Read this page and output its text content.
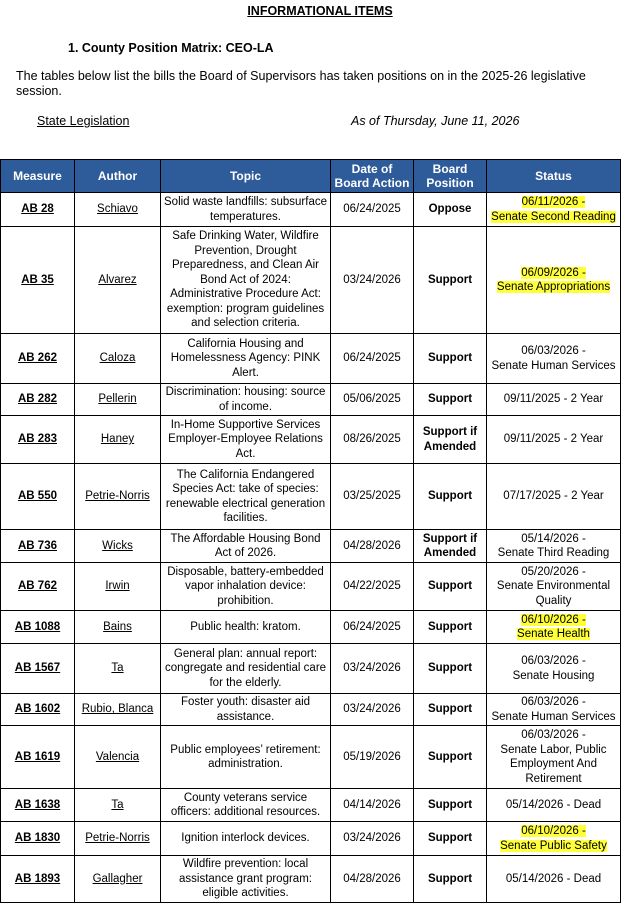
INFORMATIONAL ITEMS
1. County Position Matrix: CEO-LA
The tables below list the bills the Board of Supervisors has taken positions on in the 2025-26 legislative session.
State Legislation	As of Thursday, June 11, 2026
Measure	Author	Topic	Date of Board Action	Board Position	Status
AB 28	Schiavo	Solid waste landfills: subsurface temperatures.	06/24/2025	Oppose	06/11/2026 -
Senate Second Reading

AB 35	Alvarez	Safe Drinking Water, Wildfire Prevention, Drought Preparedness, and Clean Air Bond Act of 2024: Administrative Procedure Act: exemption: program guidelines and selection criteria.	03/24/2026	Support	06/09/2026 -
Senate Appropriations

AB 262	Caloza	California Housing and Homelessness Agency: PINK Alert.	06/24/2025	Support	06/03/2026 -
Senate Human Services

AB 282	Pellerin	Discrimination: housing: source of income.	05/06/2025	Support	09/11/2025 - 2 Year

AB 283	Haney	In-Home Supportive Services Employer-Employee Relations Act.	08/26/2025	Support if Amended	09/11/2025 - 2 Year

AB 550	Petrie-Norris	The California Endangered Species Act: take of species: renewable electrical generation facilities.	03/25/2025	Support	07/17/2025 - 2 Year

AB 736	Wicks	The Affordable Housing Bond Act of 2026.	04/28/2026	Support if Amended	05/14/2026 -
Senate Third Reading

AB 762	Irwin	Disposable, battery-embedded vapor inhalation device: prohibition.	04/22/2025	Support	05/20/2026 -
Senate Environmental Quality

AB 1088	Bains	Public health: kratom.	06/24/2025	Support	06/10/2026 -
Senate Health

AB 1567	Ta	General plan: annual report: congregate and residential care for the elderly.	03/24/2026	Support	06/03/2026 -
Senate Housing

AB 1602	Rubio, Blanca	Foster youth: disaster aid assistance.	03/24/2026	Support	06/03/2026 -
Senate Human Services

AB 1619	Valencia	Public employees’ retirement: administration.	05/19/2026	Support	06/03/2026 -
Senate Labor, Public Employment And Retirement

AB 1638	Ta	County veterans service officers: additional resources.	04/14/2026	Support	05/14/2026 - Dead

AB 1830	Petrie-Norris	Ignition interlock devices.	03/24/2026	Support	06/10/2026 -
Senate Public Safety

AB 1893	Gallagher	Wildfire prevention: local assistance grant program: eligible activities.	04/28/2026	Support	05/14/2026 - Dead
